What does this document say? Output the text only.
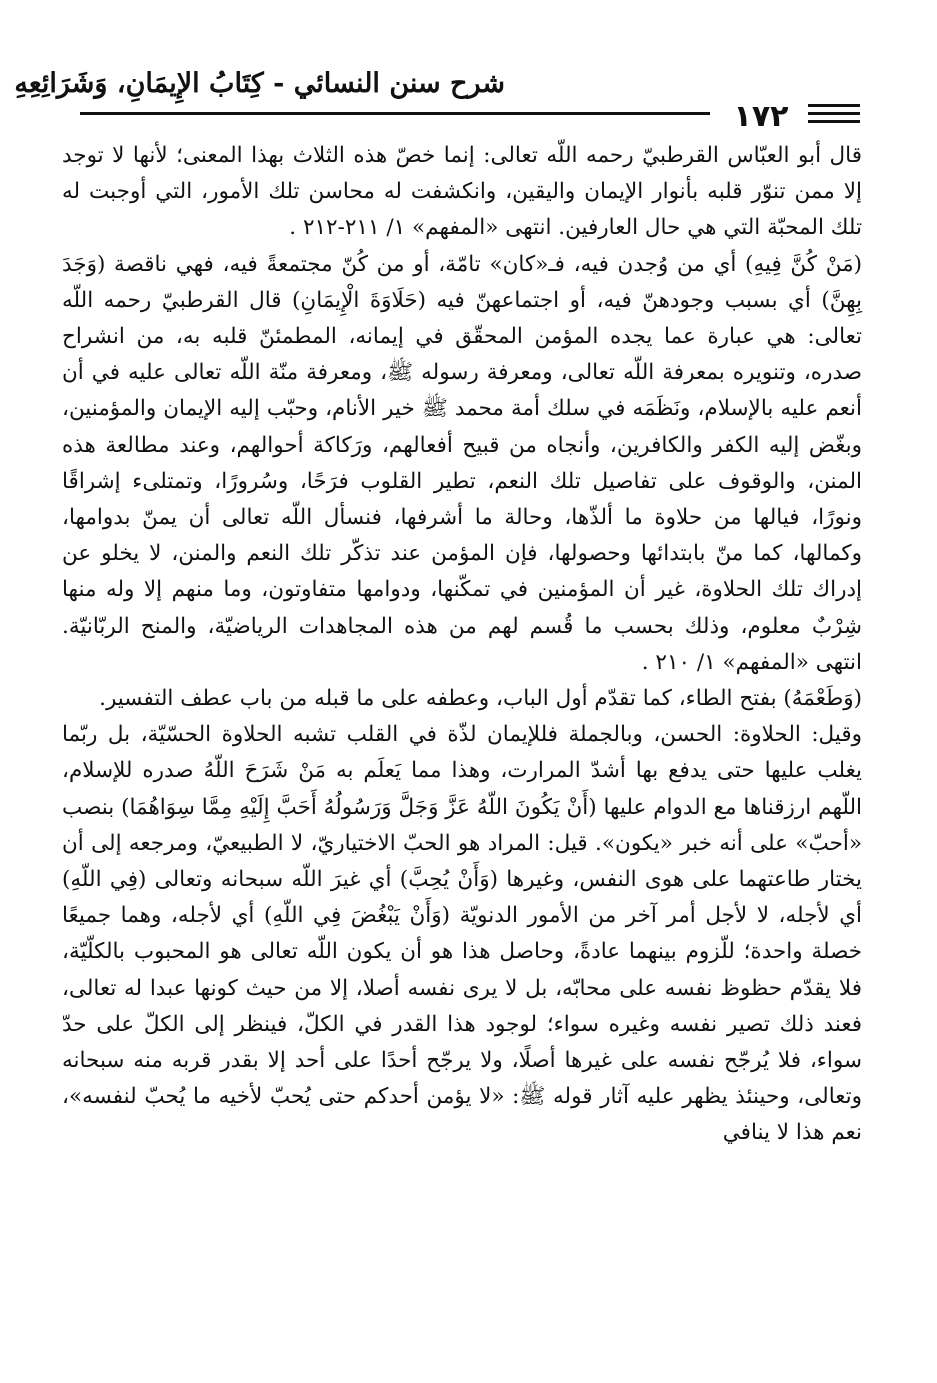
شرح سنن النسائي - كِتَابُ الإِيمَانِ، وَشَرَائِعِهِ
١٧٢

قال أبو العبّاس القرطبيّ رحمه اللّه تعالى: إنما خصّ هذه الثلاث بهذا المعنى؛ لأنها لا توجد إلا ممن تنوّر قلبه بأنوار الإيمان واليقين، وانكشفت له محاسن تلك الأمور، التي أوجبت له تلك المحبّة التي هي حال العارفين. انتهى «المفهم» ١/ ٢١١-٢١٢ .

(مَنْ كُنَّ فِيهِ) أي من وُجدن فيه، فـ«كان» تامّة، أو من كُنّ مجتمعةً فيه، فهي ناقصة (وَجَدَ بِهِنَّ) أي بسبب وجودهنّ فيه، أو اجتماعهنّ فيه (حَلَاوَةَ الْإِيمَانِ) قال القرطبيّ رحمه اللّه تعالى: هي عبارة عما يجده المؤمن المحقّق في إيمانه، المطمئنّ قلبه به، من انشراح صدره، وتنويره بمعرفة اللّه تعالى، ومعرفة رسوله ﷺ، ومعرفة منّة اللّه تعالى عليه في أن أنعم عليه بالإسلام، ونَظَمَه في سلك أمة محمد ﷺ خير الأنام، وحبّب إليه الإيمان والمؤمنين، وبغّض إليه الكفر والكافرين، وأنجاه من قبيح أفعالهم، ورَكاكة أحوالهم، وعند مطالعة هذه المنن، والوقوف على تفاصيل تلك النعم، تطير القلوب فرَحًا، وسُرورًا، وتمتلىء إشراقًا ونورًا، فيالها من حلاوة ما ألذّها، وحالة ما أشرفها، فنسأل اللّه تعالى أن يمنّ بدوامها، وكمالها، كما منّ بابتدائها وحصولها، فإن المؤمن عند تذكّر تلك النعم والمنن، لا يخلو عن إدراك تلك الحلاوة، غير أن المؤمنين في تمكّنها، ودوامها متفاوتون، وما منهم إلا وله منها شِرْبٌ معلوم، وذلك بحسب ما قُسم لهم من هذه المجاهدات الرياضيّة، والمنح الربّانيّة. انتهى «المفهم» ١/ ٢١٠ .

(وَطَعْمَهُ) بفتح الطاء، كما تقدّم أول الباب، وعطفه على ما قبله من باب عطف التفسير.

وقيل: الحلاوة: الحسن، وبالجملة فللإيمان لذّة في القلب تشبه الحلاوة الحسّيّة، بل ربّما يغلب عليها حتى يدفع بها أشدّ المرارت، وهذا مما يَعلَم به مَنْ شَرَحَ اللّهُ صدره للإسلام، اللّهم ارزقناها مع الدوام عليها (أَنْ يَكُونَ اللّهُ عَزَّ وَجَلَّ وَرَسُولُهُ أَحَبَّ إِلَيْهِ مِمَّا سِوَاهُمَا) بنصب «أحبّ» على أنه خبر «يكون». قيل: المراد هو الحبّ الاختياريّ، لا الطبيعيّ، ومرجعه إلى أن يختار طاعتهما على هوى النفس، وغيرها (وَأَنْ يُحِبَّ) أي غيرَ اللّه سبحانه وتعالى (فِي اللّهِ) أي لأجله، لا لأجل أمر آخر من الأمور الدنويّة (وَأَنْ يَبْغُضَ فِي اللّهِ) أي لأجله، وهما جميعًا خصلة واحدة؛ للّزوم بينهما عادةً، وحاصل هذا هو أن يكون اللّه تعالى هو المحبوب بالكلّيّة، فلا يقدّم حظوظ نفسه على محابّه، بل لا يرى نفسه أصلا، إلا من حيث كونها عبدا له تعالى، فعند ذلك تصير نفسه وغيره سواء؛ لوجود هذا القدر في الكلّ، فينظر إلى الكلّ على حدّ سواء، فلا يُرجّح نفسه على غيرها أصلًا، ولا يرجّح أحدًا على أحد إلا بقدر قربه منه سبحانه وتعالى، وحينئذ يظهر عليه آثار قوله ﷺ: «لا يؤمن أحدكم حتى يُحبّ لأخيه ما يُحبّ لنفسه»، نعم هذا لا ينافي
